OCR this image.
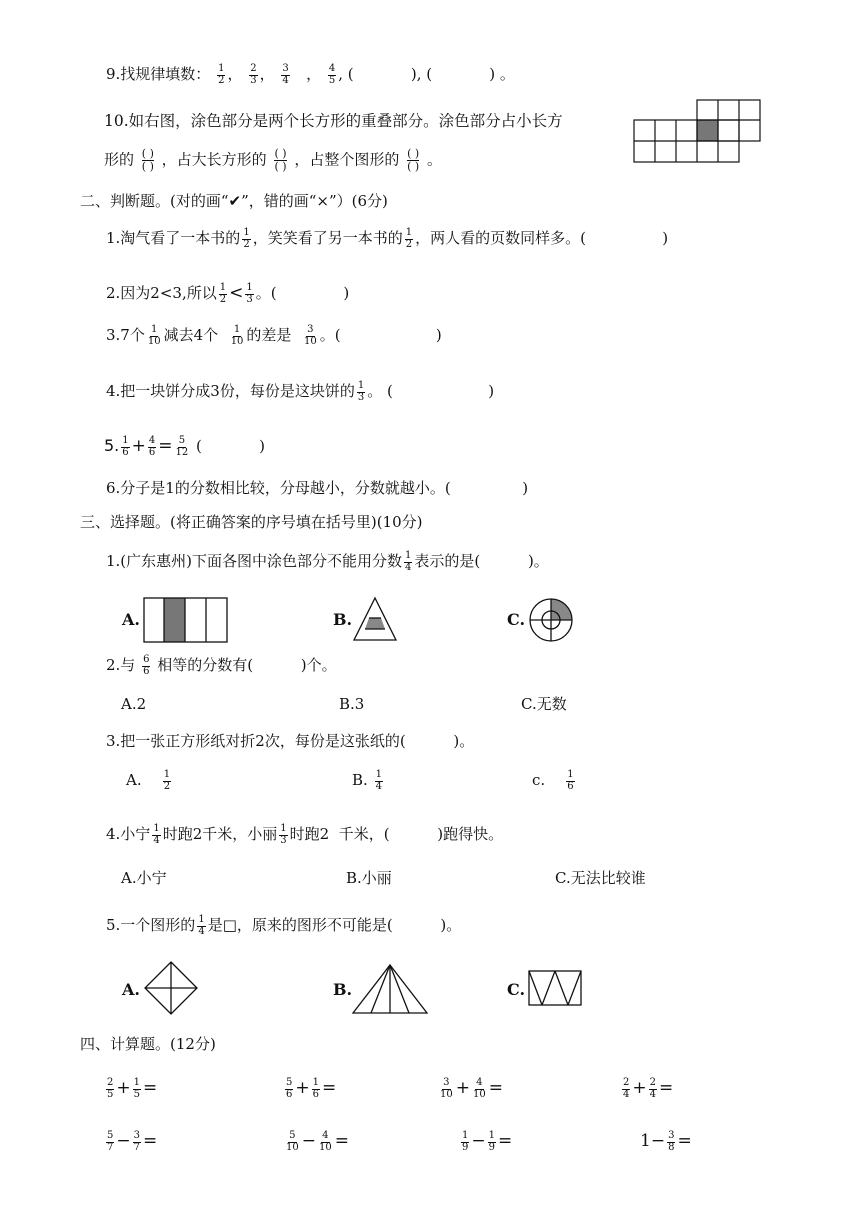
9.找规律填数： $\frac{1}{2}$ ， $\frac{2}{3}$ ， $\frac{3}{4}$ ， $\frac{4}{5}$ , (            ), (            ) 。
10.如右图，涂色部分是两个长方形的重叠部分。涂色部分占小长方
形的 ( )
( ) ，占大长方形的 ( )
( ) ，占整个图形的 ( )
( ) 。
二、判断题。(对的画“✔”，错的画“×”）(6分)
1.淘气看了一本书的 $\frac{1}{2}$ ，笑笑看了另一本书的 $\frac{1}{2}$ ，两人看的页数同样多。(                )
2.因为2<3,所以 $\frac{1}{2} < \frac{1}{3}$ 。(              )
3.7个 $\frac{1}{10}$ 减去4个 $\frac{1}{10}$ 的差是 $\frac{3}{10}$ 。(                    )
4.把一块饼分成3份，每份是这块饼的 $\frac{1}{3}$ 。 (                    )
5. $\frac{1}{6} + \frac{4}{6} = \frac{5}{12}$ (            )
6.分子是1的分数相比较，分母越小，分数就越小。(               )
三、选择题。(将正确答案的序号填在括号里)(10分)
1.(广东惠州)下面各图中涂色部分不能用分数 $\frac{1}{4}$ 表示的是(          )。
A.	B.	C.
2.与 $\frac{6}{6}$ 相等的分数有(          )个。
A.2	B.3	C.无数
3.把一张正方形纸对折2次，每份是这张纸的(          )。
A. $\frac{1}{2}$	B. $\frac{1}{4}$	c. $\frac{1}{6}$
4.小宁 $\frac{1}{4}$ 时跑2千米，小丽 $\frac{1}{3}$ 时跑2  千米，(          )跑得快。
A.小宁	B.小丽	C.无法比较谁
5.一个图形的 $\frac{1}{4}$ 是□，原来的图形不可能是(          )。
A.	B.	C.
四、计算题。(12分)
$\frac{2}{5} + \frac{1}{5}$ =	$\frac{5}{6} + \frac{1}{6}$ =	$\frac{3}{10} + \frac{4}{10}$ =	$\frac{2}{4} + \frac{2}{4}$ =
$\frac{5}{7} - \frac{3}{7}$ =	$\frac{5}{10} - \frac{4}{10}$ =	$\frac{1}{9} - \frac{1}{9}$ =	$1- \frac{3}{8}$ =
